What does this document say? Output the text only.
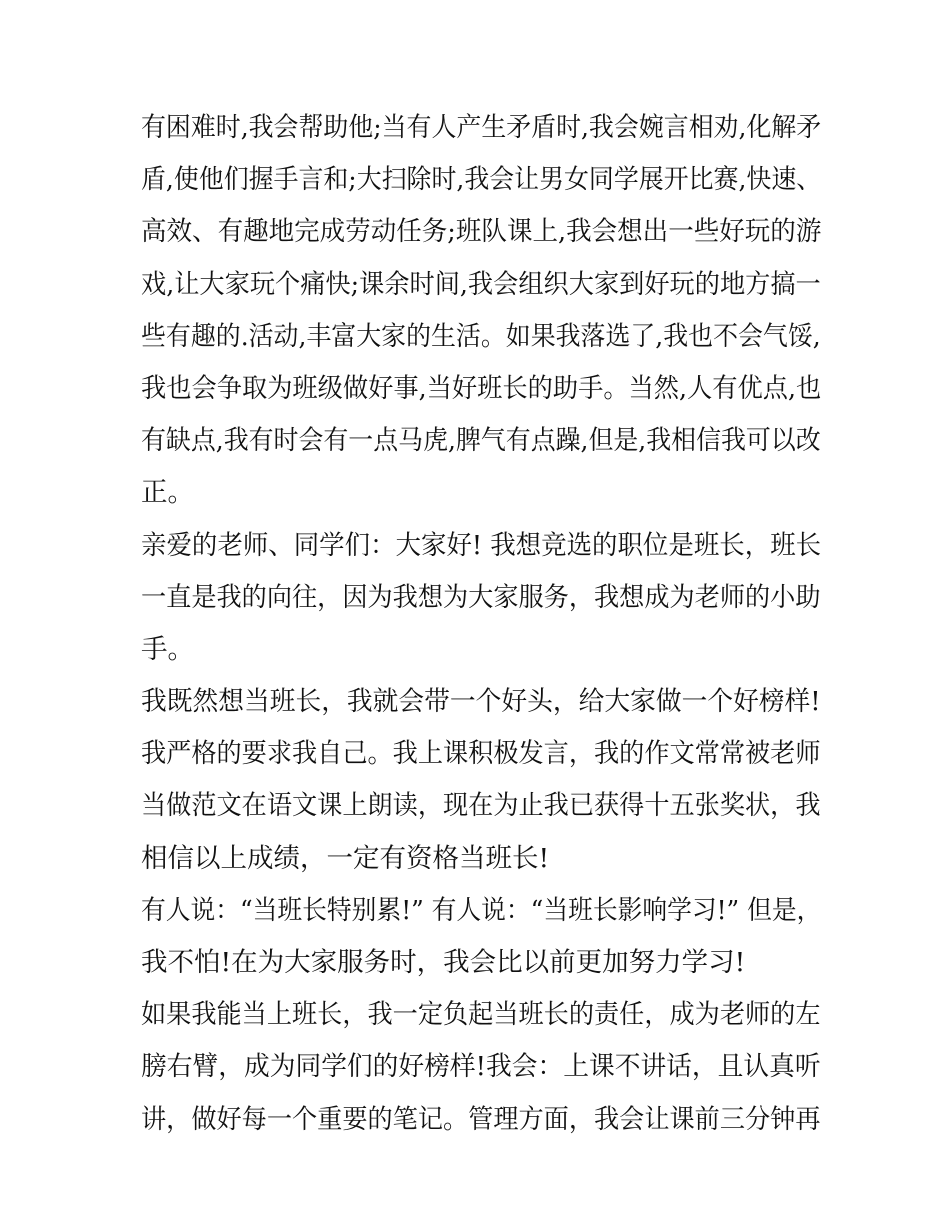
有困难时,我会帮助他;当有人产生矛盾时,我会婉言相劝,化解矛
盾,使他们握手言和;大扫除时,我会让男女同学展开比赛,快速、
高效、有趣地完成劳动任务;班队课上,我会想出一些好玩的游
戏,让大家玩个痛快;课余时间,我会组织大家到好玩的地方搞一
些有趣的.活动,丰富大家的生活。如果我落选了,我也不会气馁,
我也会争取为班级做好事,当好班长的助手。当然,人有优点,也
有缺点,我有时会有一点马虎,脾气有点躁,但是,我相信我可以改
正。
亲爱的老师、同学们：大家好! 我想竞选的职位是班长，班长
一直是我的向往，因为我想为大家服务，我想成为老师的小助
手。
我既然想当班长，我就会带一个好头，给大家做一个好榜样!
我严格的要求我自己。我上课积极发言，我的作文常常被老师
当做范文在语文课上朗读，现在为止我已获得十五张奖状，我
相信以上成绩，一定有资格当班长!
有人说：“当班长特别累!” 有人说：“当班长影响学习!” 但是，
我不怕!在为大家服务时，我会比以前更加努力学习!
如果我能当上班长，我一定负起当班长的责任，成为老师的左
膀右臂，成为同学们的好榜样!我会：上课不讲话，且认真听
讲，做好每一个重要的笔记。管理方面，我会让课前三分钟再
